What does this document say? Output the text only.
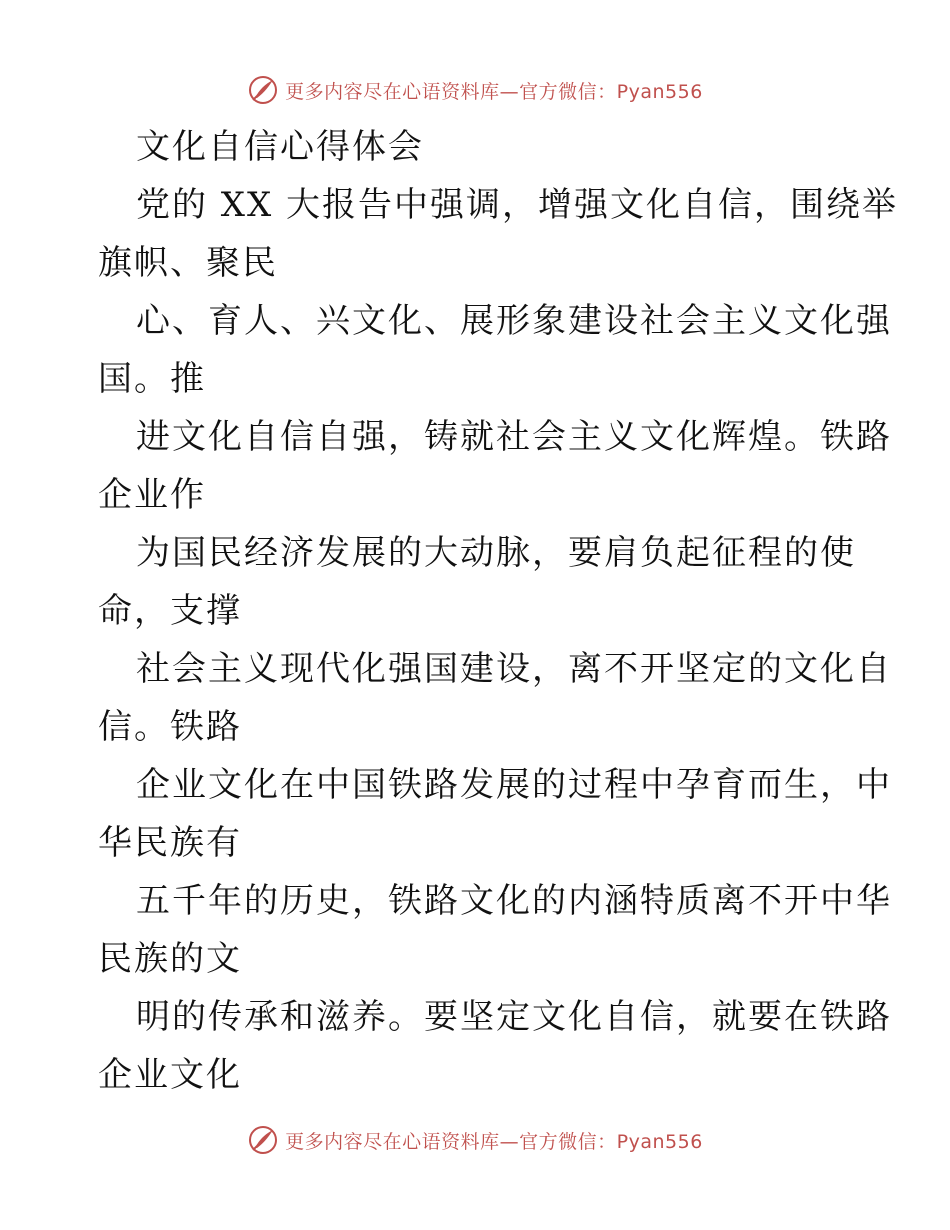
更多内容尽在心语资料库—官方微信：Pyan556
文化自信心得体会
党的 XX 大报告中强调，增强文化自信，围绕举
旗帜、聚民
心、育人、兴文化、展形象建设社会主义文化强
国。推
进文化自信自强，铸就社会主义文化辉煌。铁路
企业作
为国民经济发展的大动脉，要肩负起征程的使
命，支撑
社会主义现代化强国建设，离不开坚定的文化自
信。铁路
企业文化在中国铁路发展的过程中孕育而生，中
华民族有
五千年的历史，铁路文化的内涵特质离不开中华
民族的文
明的传承和滋养。要坚定文化自信，就要在铁路
企业文化
更多内容尽在心语资料库—官方微信：Pyan556
